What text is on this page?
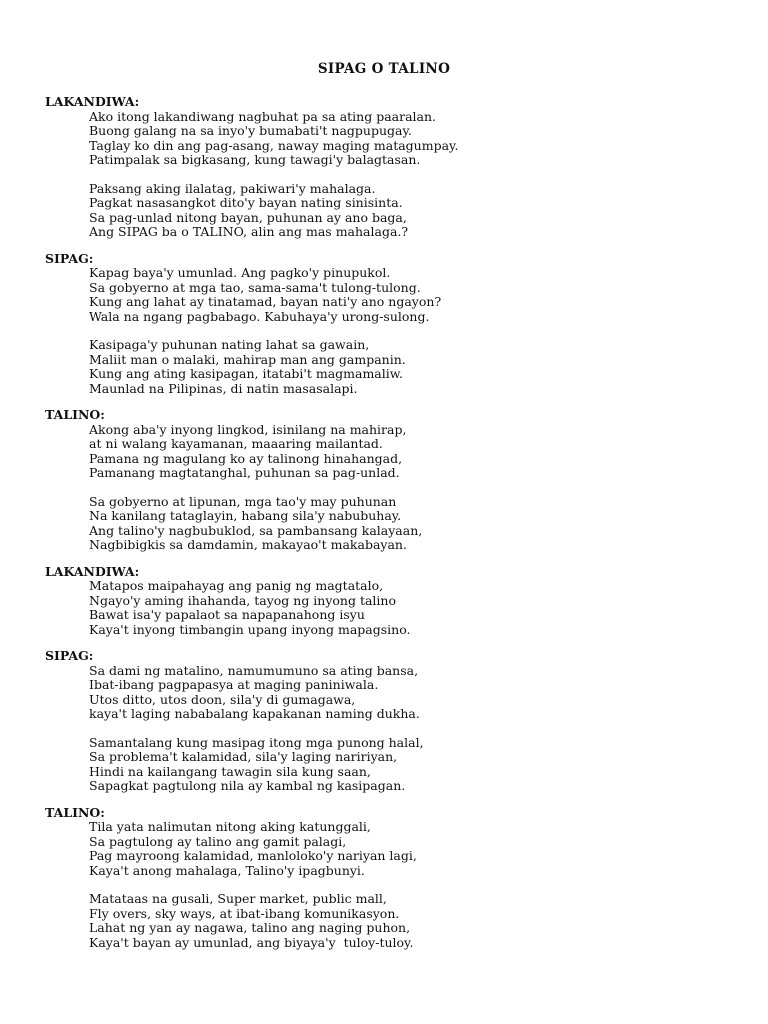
SIPAG O TALINO
LAKANDIWA:
Ako itong lakandiwang nagbuhat pa sa ating paaralan.
Buong galang na sa inyo'y bumabati't nagpupugay.
Taglay ko din ang pag-asang, naway maging matagumpay.
Patimpalak sa bigkasang, kung tawagi'y balagtasan.
Paksang aking ilalatag, pakiwari'y mahalaga.
Pagkat nasasangkot dito'y bayan nating sinisinta.
Sa pag-unlad nitong bayan, puhunan ay ano baga,
Ang SIPAG ba o TALINO, alin ang mas mahalaga.?
SIPAG:
Kapag baya'y umunlad. Ang pagko'y pinupukol.
Sa gobyerno at mga tao, sama-sama't tulong-tulong.
Kung ang lahat ay tinatamad, bayan nati'y ano ngayon?
Wala na ngang pagbabago. Kabuhaya'y urong-sulong.
Kasipaga'y puhunan nating lahat sa gawain,
Maliit man o malaki, mahirap man ang gampanin.
Kung ang ating kasipagan, itatabi't magmamaliw.
Maunlad na Pilipinas, di natin masasalapi.
TALINO:
Akong aba'y inyong lingkod, isinilang na mahirap,
at ni walang kayamanan, maaaring mailantad.
Pamana ng magulang ko ay talinong hinahangad,
Pamanang magtatanghal, puhunan sa pag-unlad.
Sa gobyerno at lipunan, mga tao'y may puhunan
Na kanilang tataglayin, habang sila'y nabubuhay.
Ang talino'y nagbubuklod, sa pambansang kalayaan,
Nagbibigkis sa damdamin, makayao't makabayan.
LAKANDIWA:
Matapos maipahayag ang panig ng magtatalo,
Ngayo'y aming ihahanda, tayog ng inyong talino
Bawat isa'y papalaot sa napapanahong isyu
Kaya't inyong timbangin upang inyong mapagsino.
SIPAG:
Sa dami ng matalino, namumumuno sa ating bansa,
Ibat-ibang pagpapasya at maging paniniwala.
Utos ditto, utos doon, sila'y di gumagawa,
kaya't laging nababalang kapakanan naming dukha.
Samantalang kung masipag itong mga punong halal,
Sa problema't kalamidad, sila'y laging naririyan,
Hindi na kailangang tawagin sila kung saan,
Sapagkat pagtulong nila ay kambal ng kasipagan.
TALINO:
Tila yata nalimutan nitong aking katunggali,
Sa pagtulong ay talino ang gamit palagi,
Pag mayroong kalamidad, manloloko'y nariyan lagi,
Kaya't anong mahalaga, Talino'y ipagbunyi.
Matataas na gusali, Super market, public mall,
Fly overs, sky ways, at ibat-ibang komunikasyon.
Lahat ng yan ay nagawa, talino ang naging puhon,
Kaya't bayan ay umunlad, ang biyaya'y  tuloy-tuloy.
